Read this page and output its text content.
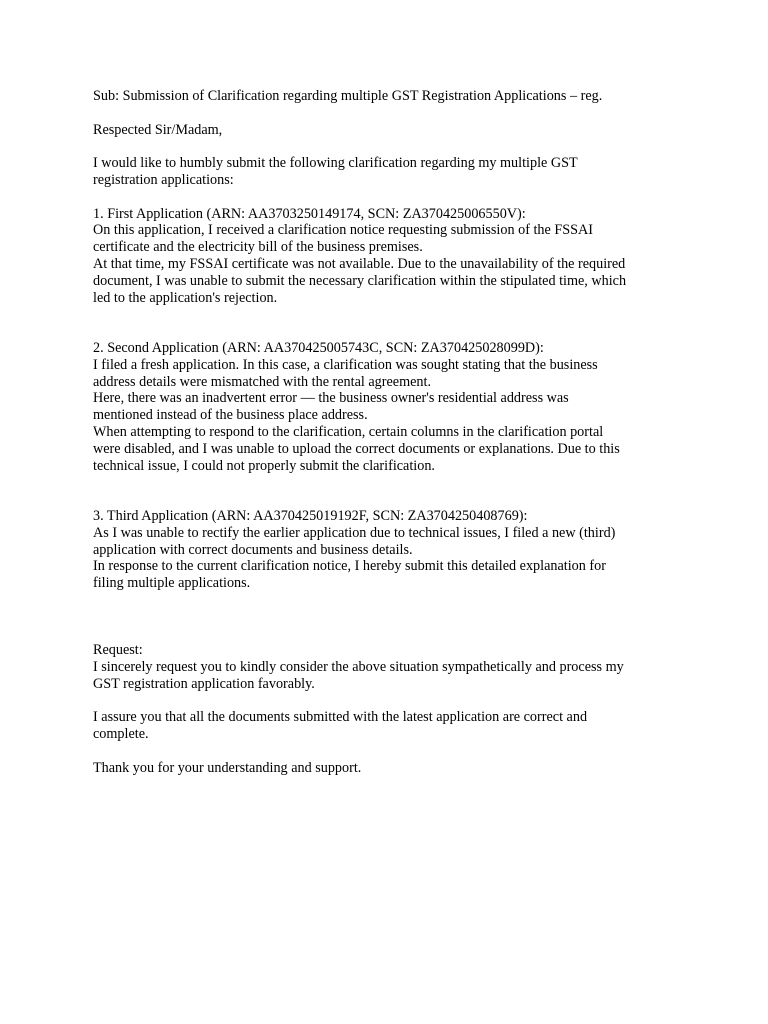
Sub: Submission of Clarification regarding multiple GST Registration Applications – reg.
Respected Sir/Madam,
I would like to humbly submit the following clarification regarding my multiple GST
registration applications:
1. First Application (ARN: AA3703250149174, SCN: ZA370425006550V):
On this application, I received a clarification notice requesting submission of the FSSAI
certificate and the electricity bill of the business premises.
At that time, my FSSAI certificate was not available. Due to the unavailability of the required
document, I was unable to submit the necessary clarification within the stipulated time, which
led to the application's rejection.
2. Second Application (ARN: AA370425005743C, SCN: ZA370425028099D):
I filed a fresh application. In this case, a clarification was sought stating that the business
address details were mismatched with the rental agreement.
Here, there was an inadvertent error — the business owner's residential address was
mentioned instead of the business place address.
When attempting to respond to the clarification, certain columns in the clarification portal
were disabled, and I was unable to upload the correct documents or explanations. Due to this
technical issue, I could not properly submit the clarification.
3. Third Application (ARN: AA370425019192F, SCN: ZA3704250408769):
As I was unable to rectify the earlier application due to technical issues, I filed a new (third)
application with correct documents and business details.
In response to the current clarification notice, I hereby submit this detailed explanation for
filing multiple applications.
Request:
I sincerely request you to kindly consider the above situation sympathetically and process my
GST registration application favorably.
I assure you that all the documents submitted with the latest application are correct and
complete.
Thank you for your understanding and support.
